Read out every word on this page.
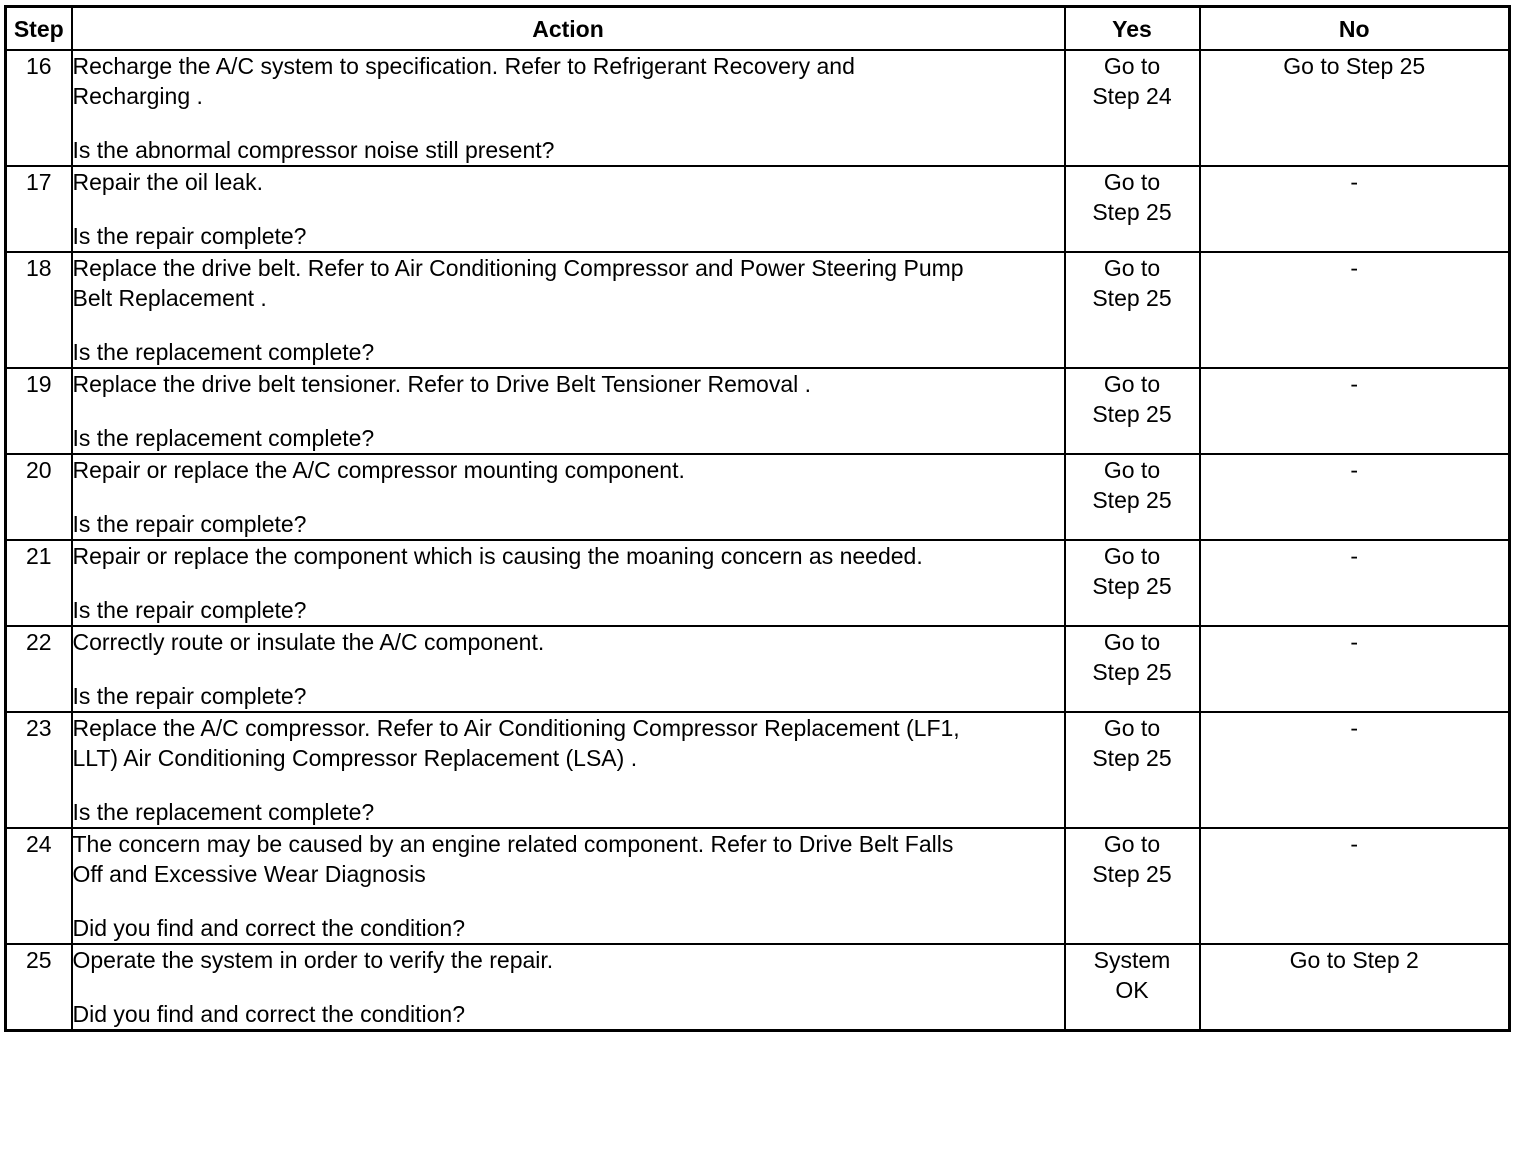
Step	Action	Yes	No
16	Recharge the A/C system to specification. Refer to Refrigerant Recovery and
Recharging .
Is the abnormal compressor noise still present?	Go to
Step 24	Go to Step 25

17	Repair the oil leak.
Is the repair complete?	Go to
Step 25	-

18	Replace the drive belt. Refer to Air Conditioning Compressor and Power Steering Pump
Belt Replacement .
Is the replacement complete?	Go to
Step 25	-

19	Replace the drive belt tensioner. Refer to Drive Belt Tensioner Removal .
Is the replacement complete?	Go to
Step 25	-

20	Repair or replace the A/C compressor mounting component.
Is the repair complete?	Go to
Step 25	-

21	Repair or replace the component which is causing the moaning concern as needed.
Is the repair complete?	Go to
Step 25	-

22	Correctly route or insulate the A/C component.
Is the repair complete?	Go to
Step 25	-

23	Replace the A/C compressor. Refer to Air Conditioning Compressor Replacement (LF1,
LLT) Air Conditioning Compressor Replacement (LSA) .
Is the replacement complete?	Go to
Step 25	-

24	The concern may be caused by an engine related component. Refer to Drive Belt Falls
Off and Excessive Wear Diagnosis
Did you find and correct the condition?	Go to
Step 25	-

25	Operate the system in order to verify the repair.
Did you find and correct the condition?	System
OK	Go to Step 2
